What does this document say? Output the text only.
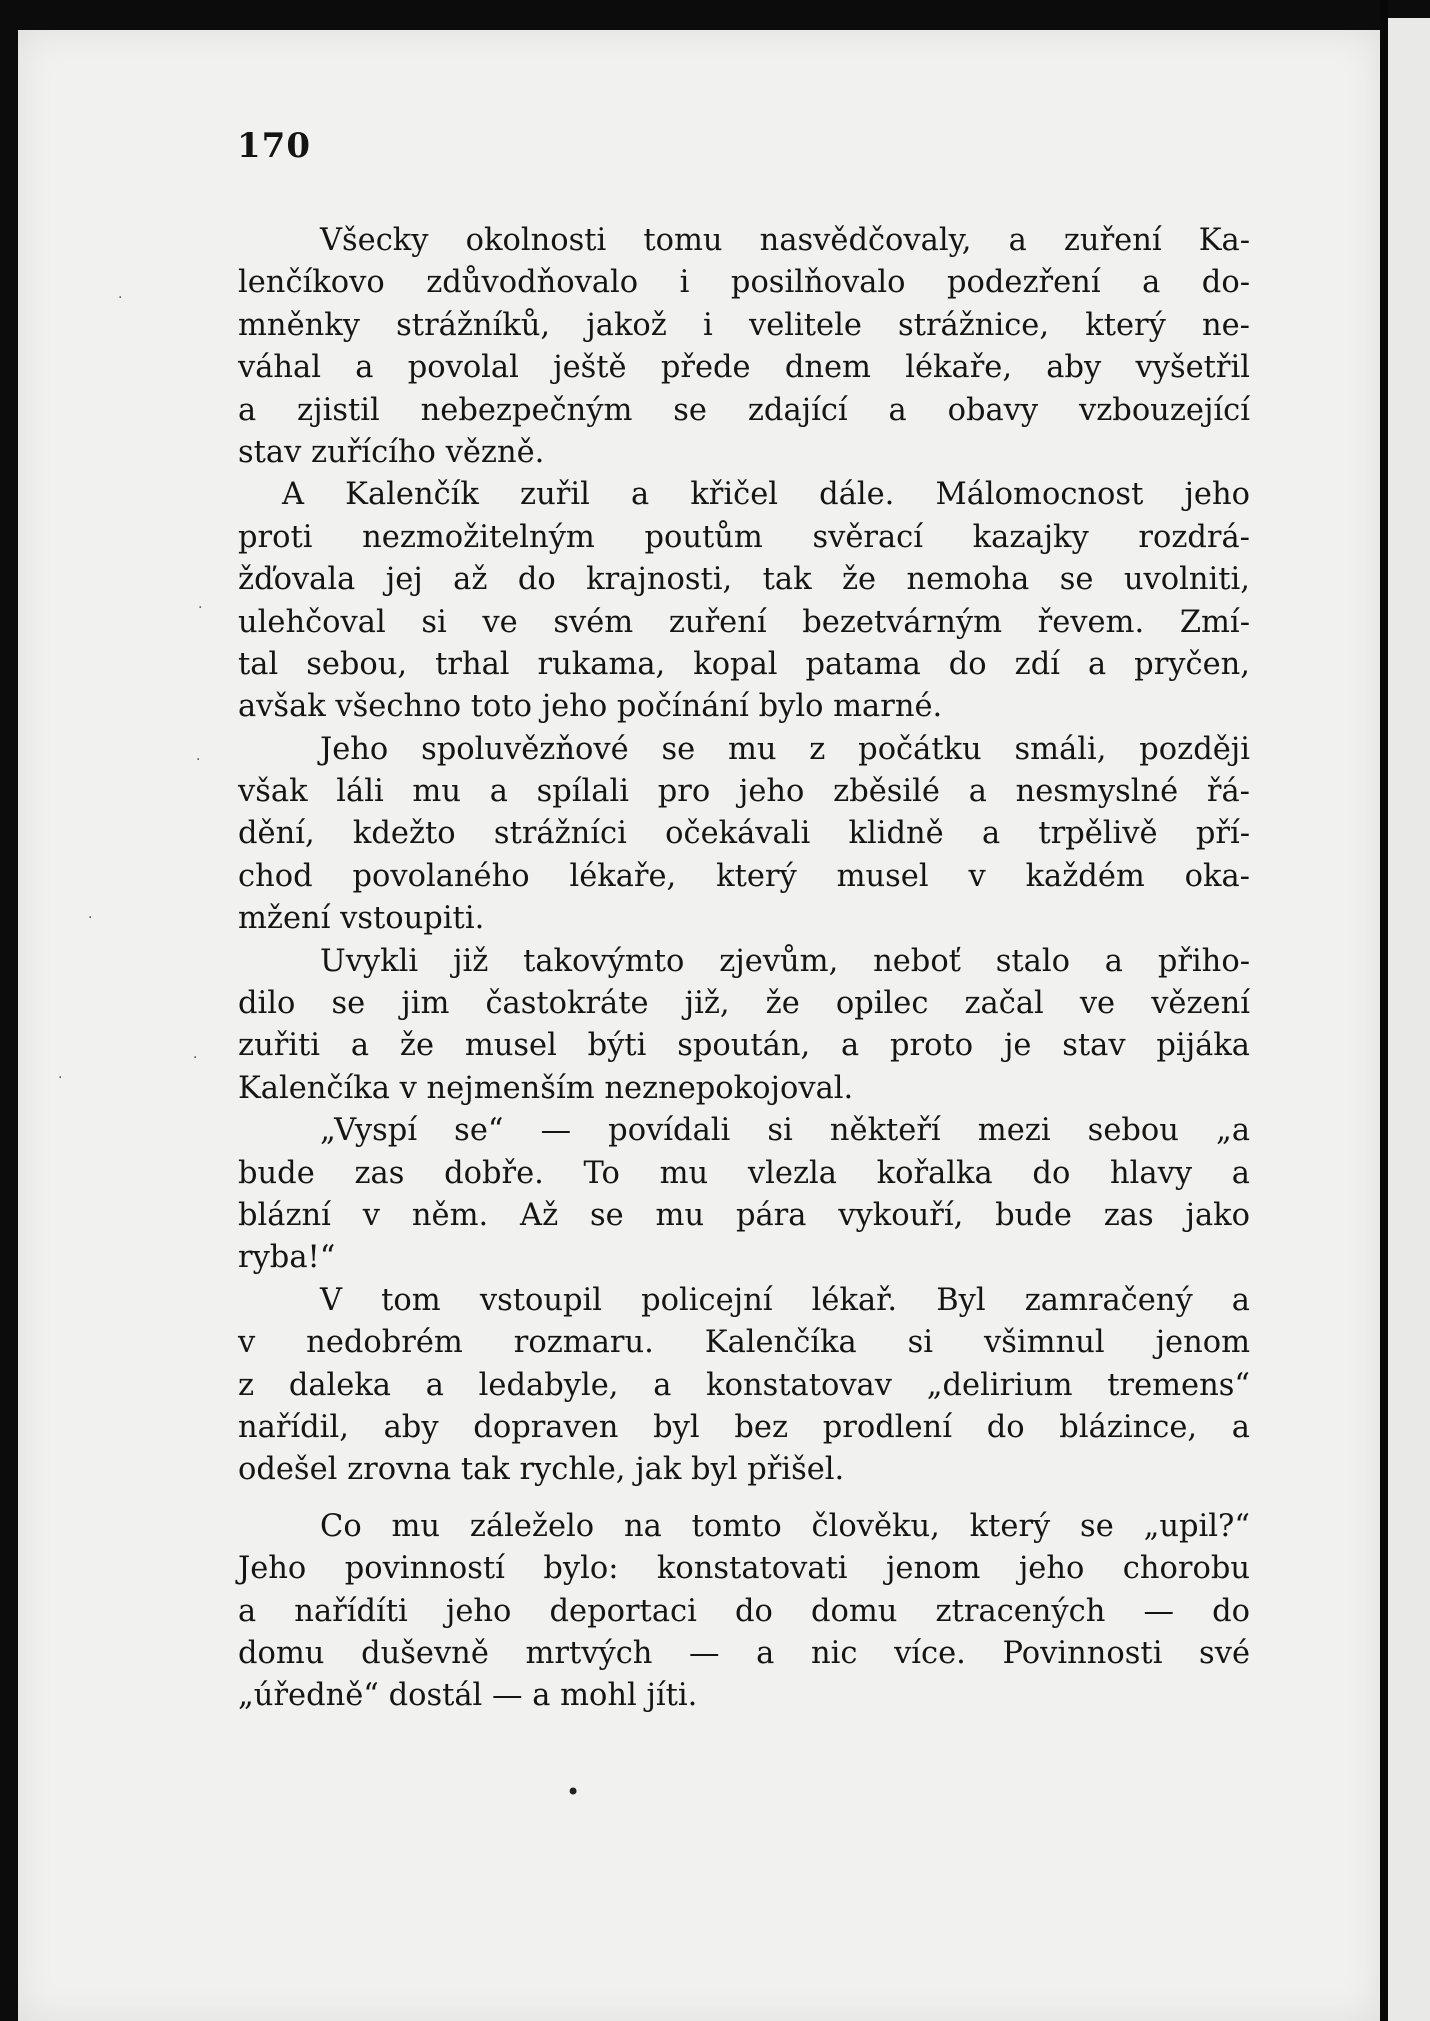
·
·
·
·
·
·
170
Všecky okolnosti tomu nasvědčovaly, a zuření Ka-
lenčíkovo zdůvodňovalo i posilňovalo podezření a do-
mněnky strážníků, jakož i velitele strážnice, který ne-
váhal a povolal ještě přede dnem lékaře, aby vyšetřil
a zjistil nebezpečným se zdající a obavy vzbouzející
stav zuřícího vězně.
A Kalenčík zuřil a křičel dále. Málomocnost jeho
proti nezmožitelným poutům svěrací kazajky rozdrá-
žďovala jej až do krajnosti, tak že nemoha se uvolniti,
ulehčoval si ve svém zuření bezetvárným řevem. Zmí-
tal sebou, trhal rukama, kopal patama do zdí a pryčen,
avšak všechno toto jeho počínání bylo marné.
Jeho spoluvězňové se mu z počátku smáli, později
však láli mu a spílali pro jeho zběsilé a nesmyslné řá-
dění, kdežto strážníci očekávali klidně a trpělivě pří-
chod povolaného lékaře, který musel v každém oka-
mžení vstoupiti.
Uvykli již takovýmto zjevům, neboť stalo a přiho-
dilo se jim častokráte již, že opilec začal ve vězení
zuřiti a že musel býti spoután, a proto je stav pijáka
Kalenčíka v nejmenším neznepokojoval.
„Vyspí se“ — povídali si někteří mezi sebou „a
bude zas dobře. To mu vlezla kořalka do hlavy a
blázní v něm. Až se mu pára vykouří, bude zas jako
ryba!“
V tom vstoupil policejní lékař. Byl zamračený a
v nedobrém rozmaru. Kalenčíka si všimnul jenom
z daleka a ledabyle, a konstatovav „delirium tremens“
nařídil, aby dopraven byl bez prodlení do blázince, a
odešel zrovna tak rychle, jak byl přišel.
Co mu záleželo na tomto člověku, který se „upil?“
Jeho povinností bylo: konstatovati jenom jeho chorobu
a nařídíti jeho deportaci do domu ztracených — do
domu duševně mrtvých — a nic více. Povinnosti své
„úředně“ dostál — a mohl jíti.
•
